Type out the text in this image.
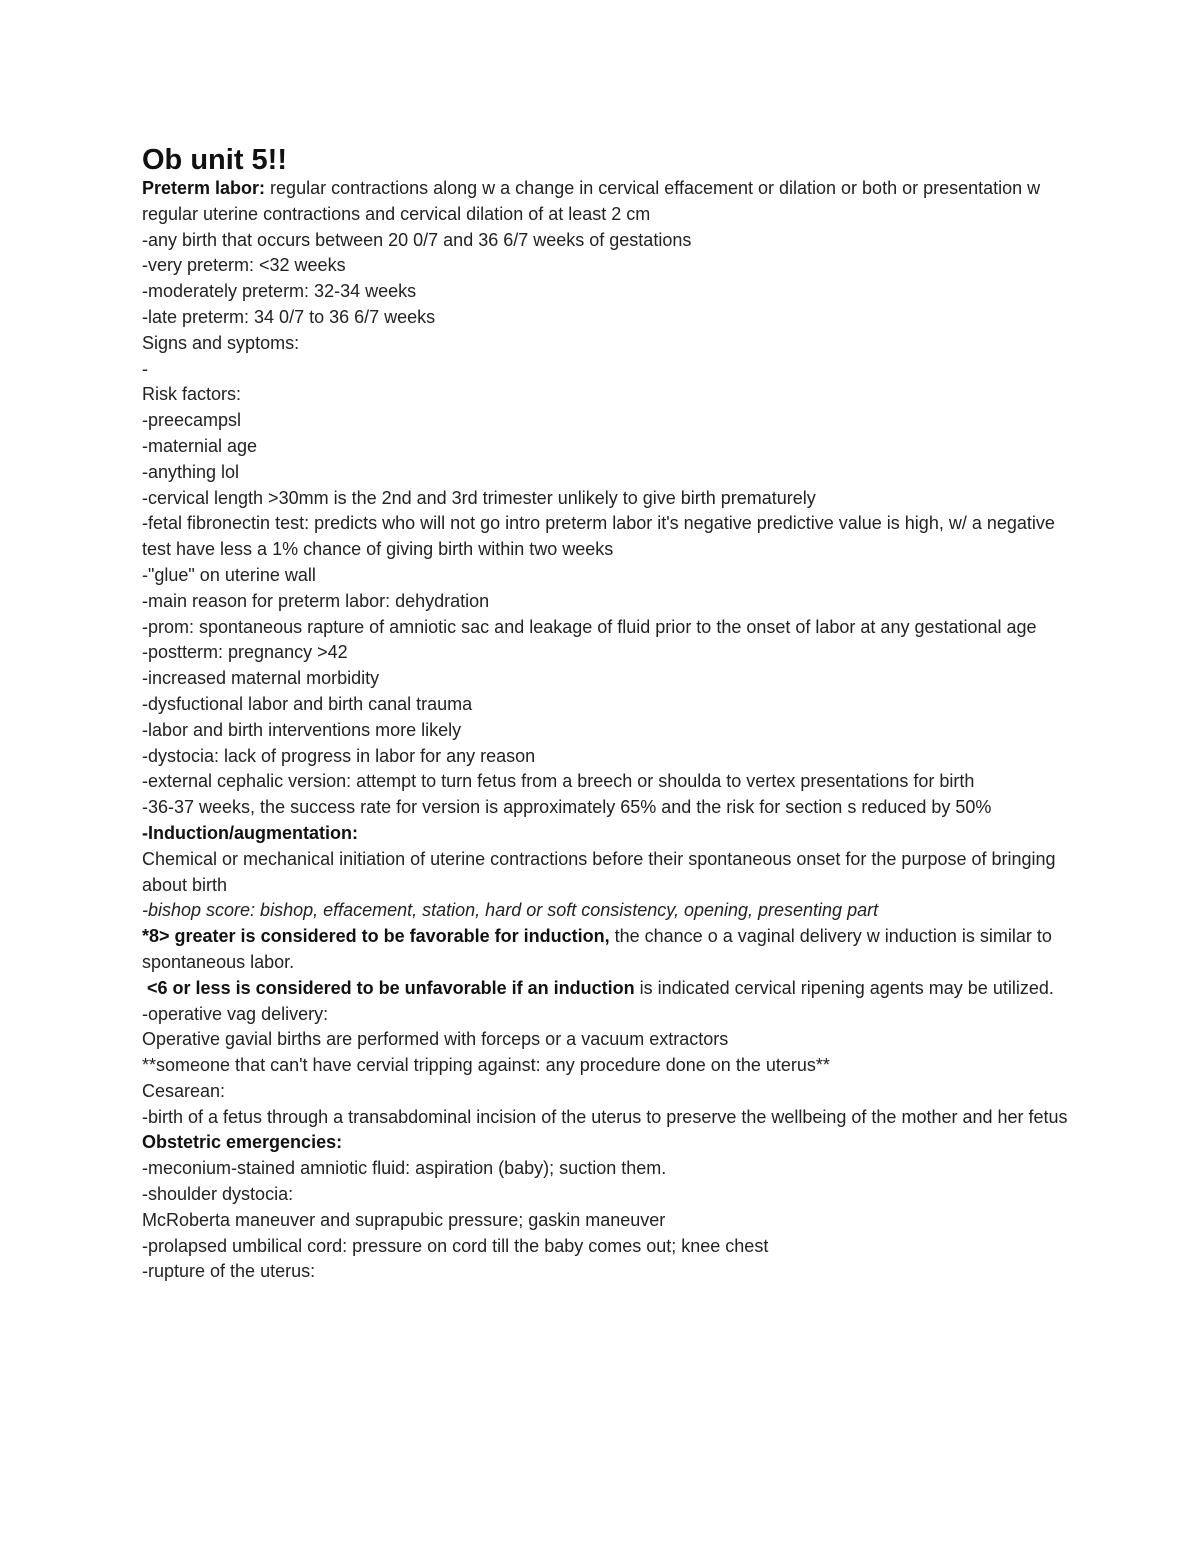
Ob unit 5!!

Preterm labor: regular contractions along w a change in cervical effacement or dilation or both or presentation w regular uterine contractions and cervical dilation of at least 2 cm

-any birth that occurs between 20 0/7 and 36 6/7 weeks of gestations

-very preterm: <32 weeks

-moderately preterm: 32-34 weeks

-late preterm: 34 0/7 to 36 6/7 weeks

Signs and syptoms:

-

Risk factors:

-preecampsl

-maternial age

-anything lol

-cervical length >30mm is the 2nd and 3rd trimester unlikely to give birth prematurely

-fetal fibronectin test: predicts who will not go intro preterm labor it's negative predictive value is high, w/ a negative test have less a 1% chance of giving birth within two weeks

-"glue" on uterine wall

-main reason for preterm labor: dehydration

-prom: spontaneous rapture of amniotic sac and leakage of fluid prior to the onset of labor at any gestational age

-postterm: pregnancy >42

-increased maternal morbidity

-dysfuctional labor and birth canal trauma

-labor and birth interventions more likely

-dystocia: lack of progress in labor for any reason

-external cephalic version: attempt to turn fetus from a breech or shoulda to vertex presentations for birth

-36-37 weeks, the success rate for version is approximately 65% and the risk for section s reduced by 50%

-Induction/augmentation:

Chemical or mechanical initiation of uterine contractions before their spontaneous onset for the purpose of bringing about birth

-bishop score: bishop, effacement, station, hard or soft consistency, opening, presenting part

*8> greater is considered to be favorable for induction, the chance o a vaginal delivery w induction is similar to spontaneous labor.

<6 or less is considered to be unfavorable if an induction is indicated cervical ripening agents may be utilized.

-operative vag delivery:

Operative gavial births are performed with forceps or a vacuum extractors

**someone that can't have cervial tripping against: any procedure done on the uterus**

Cesarean:

-birth of a fetus through a transabdominal incision of the uterus to preserve the wellbeing of the mother and her fetus

Obstetric emergencies:

-meconium-stained amniotic fluid: aspiration (baby); suction them.

-shoulder dystocia:

McRoberta maneuver and suprapubic pressure; gaskin maneuver

-prolapsed umbilical cord: pressure on cord till the baby comes out; knee chest

-rupture of the uterus:
